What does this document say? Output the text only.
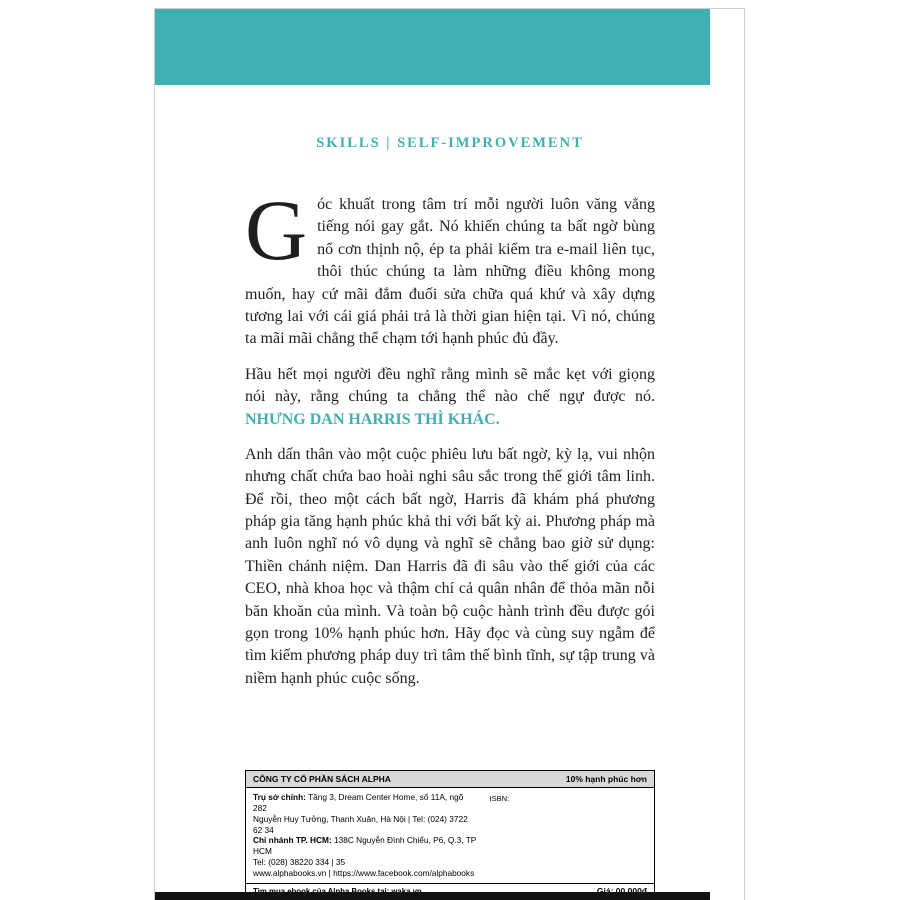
SKILLS | SELF-IMPROVEMENT

Góc khuất trong tâm trí mỗi người luôn văng vẳng tiếng nói gay gắt. Nó khiến chúng ta bất ngờ bùng nổ cơn thịnh nộ, ép ta phải kiểm tra e-mail liên tục, thôi thúc chúng ta làm những điều không mong muốn, hay cứ mãi đắm đuối sửa chữa quá khứ và xây dựng tương lai với cái giá phải trả là thời gian hiện tại. Vì nó, chúng ta mãi mãi chẳng thể chạm tới hạnh phúc đủ đầy.

Hầu hết mọi người đều nghĩ rằng mình sẽ mắc kẹt với giọng nói này, rằng chúng ta chẳng thể nào chế ngự được nó. NHƯNG DAN HARRIS THÌ KHÁC.

Anh dấn thân vào một cuộc phiêu lưu bất ngờ, kỳ lạ, vui nhộn nhưng chất chứa bao hoài nghi sâu sắc trong thế giới tâm linh. Để rồi, theo một cách bất ngờ, Harris đã khám phá phương pháp gia tăng hạnh phúc khả thi với bất kỳ ai. Phương pháp mà anh luôn nghĩ nó vô dụng và nghĩ sẽ chẳng bao giờ sử dụng: Thiền chánh niệm. Dan Harris đã đi sâu vào thế giới của các CEO, nhà khoa học và thậm chí cả quân nhân để thỏa mãn nỗi băn khoăn của mình. Và toàn bộ cuộc hành trình đều được gói gọn trong 10% hạnh phúc hơn. Hãy đọc và cùng suy ngẫm để tìm kiếm phương pháp duy trì tâm thế bình tĩnh, sự tập trung và niềm hạnh phúc cuộc sống.

CÔNG TY CỔ PHẦN SÁCH ALPHA	10% hạnh phúc hơn
Trụ sở chính: Tầng 3, Dream Center Home, số 11A, ngõ 282
Nguyễn Huy Tưởng, Thanh Xuân, Hà Nội | Tel: (024) 3722 62 34
Chi nhánh TP. HCM: 138C Nguyễn Đình Chiểu, P6, Q.3, TP HCM
Tel: (028) 38220 334 | 35
www.alphabooks.vn | https://www.facebook.com/alphabooks
ISBN:
